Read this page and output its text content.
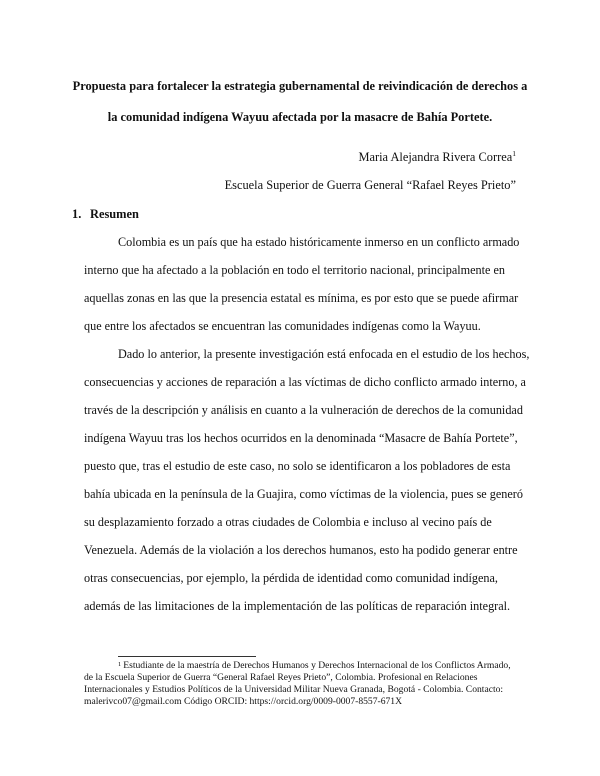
Propuesta para fortalecer la estrategia gubernamental de reivindicación de derechos a
la comunidad indígena Wayuu afectada por la masacre de Bahía Portete.
Maria Alejandra Rivera Correa$^1$
Escuela Superior de Guerra General “Rafael Reyes Prieto”
1. Resumen
Colombia es un país que ha estado históricamente inmerso en un conflicto armado
interno que ha afectado a la población en todo el territorio nacional, principalmente en
aquellas zonas en las que la presencia estatal es mínima, es por esto que se puede afirmar
que entre los afectados se encuentran las comunidades indígenas como la Wayuu.
Dado lo anterior, la presente investigación está enfocada en el estudio de los hechos,
consecuencias y acciones de reparación a las víctimas de dicho conflicto armado interno, a
través de la descripción y análisis en cuanto a la vulneración de derechos de la comunidad
indígena Wayuu tras los hechos ocurridos en la denominada “Masacre de Bahía Portete”,
puesto que, tras el estudio de este caso, no solo se identificaron a los pobladores de esta
bahía ubicada en la península de la Guajira, como víctimas de la violencia, pues se generó
su desplazamiento forzado a otras ciudades de Colombia e incluso al vecino país de
Venezuela. Además de la violación a los derechos humanos, esto ha podido generar entre
otras consecuencias, por ejemplo, la pérdida de identidad como comunidad indígena,
además de las limitaciones de la implementación de las políticas de reparación integral.
$^1$ Estudiante de la maestría de Derechos Humanos y Derechos Internacional de los Conflictos Armado,
de la Escuela Superior de Guerra “General Rafael Reyes Prieto”, Colombia. Profesional en Relaciones
Internacionales y Estudios Políticos de la Universidad Militar Nueva Granada, Bogotá - Colombia. Contacto:
malerivco07@gmail.com Código ORCID: https://orcid.org/0009-0007-8557-671X
